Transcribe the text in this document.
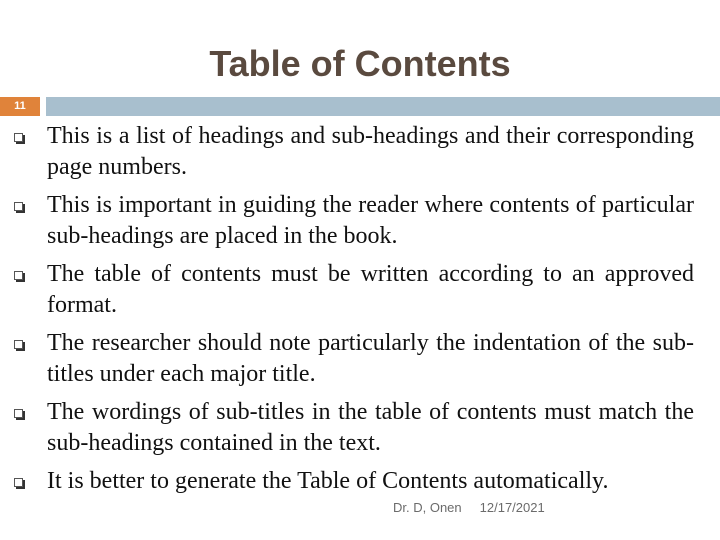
Table of Contents
11
This is a list of headings and sub-headings and their corresponding page numbers.
This is important in guiding the reader where contents of particular sub-headings are placed in the book.
The table of contents must be written according to an approved format.
The researcher should note particularly the indentation of the sub-titles under each major title.
The wordings of sub-titles in the table of contents must match the sub-headings contained in the text.
It is better to generate the Table of Contents automatically.
Dr. D, Onen 12/17/2021
